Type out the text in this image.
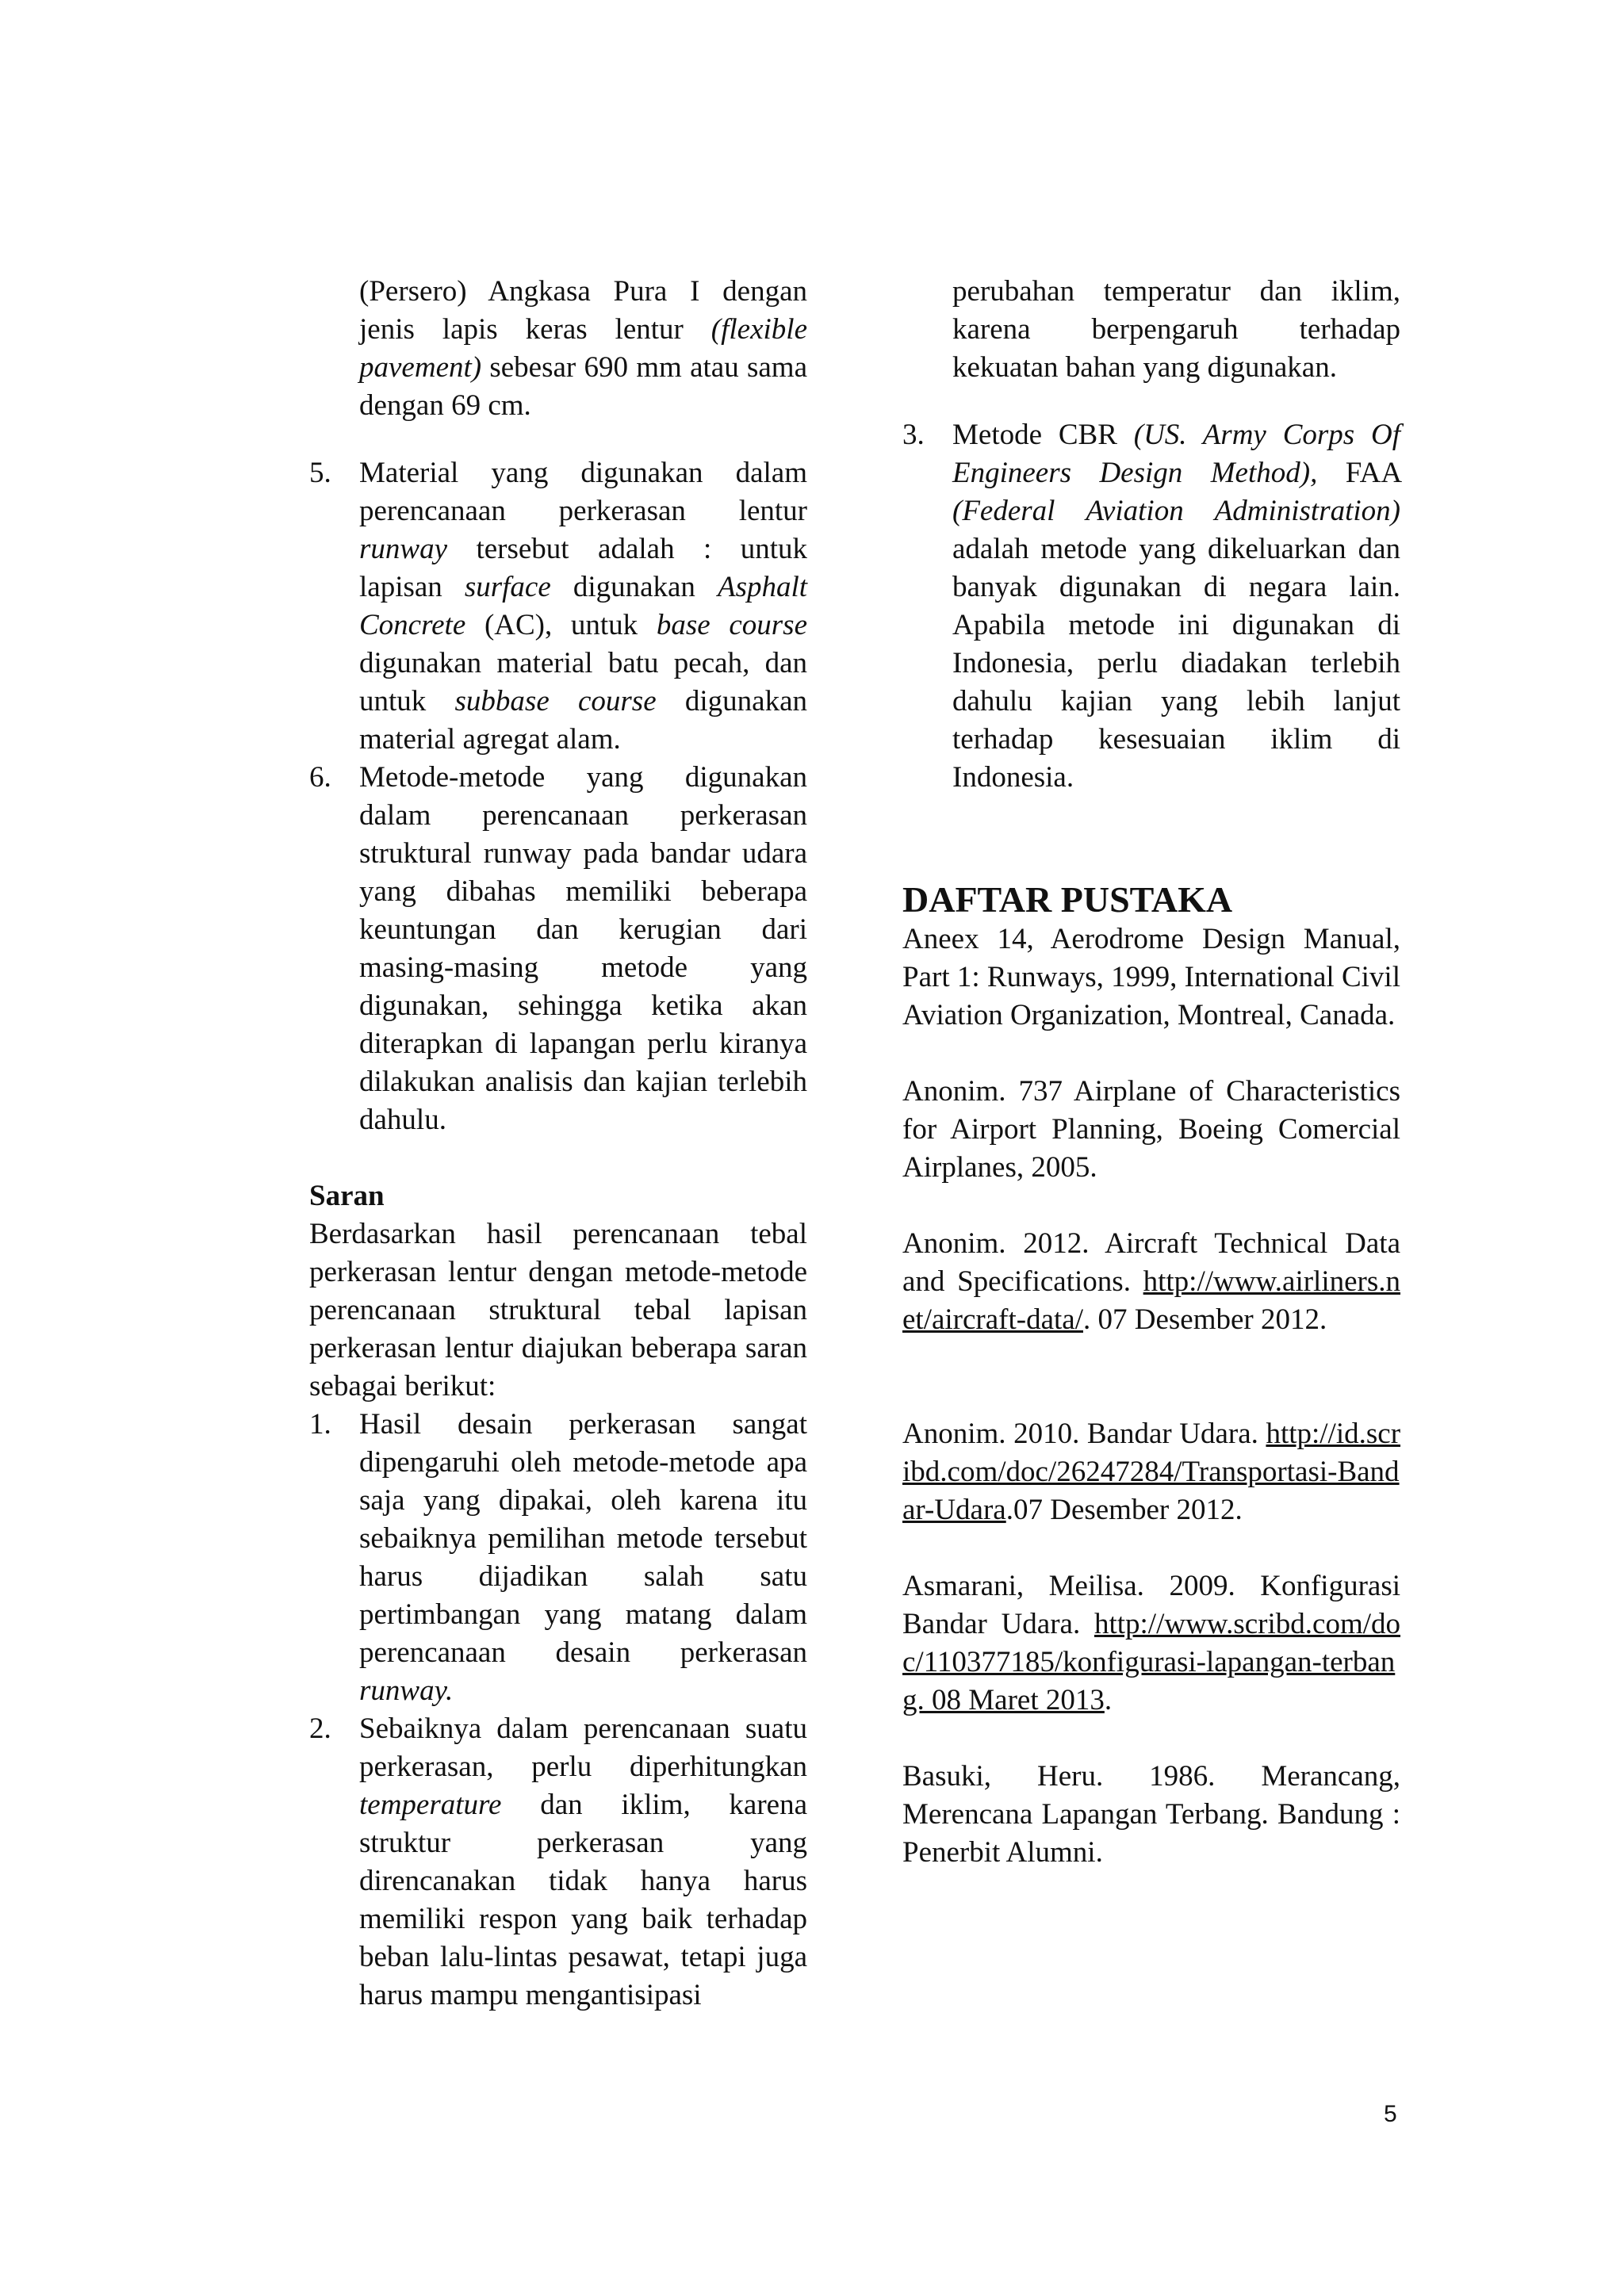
(Persero) Angkasa Pura I dengan jenis lapis keras lentur (flexible pavement) sebesar 690 mm atau sama dengan 69 cm.

5. Material yang digunakan dalam perencanaan perkerasan lentur runway tersebut adalah : untuk lapisan surface digunakan Asphalt Concrete (AC), untuk base course digunakan material batu pecah, dan untuk subbase course digunakan material agregat alam.
6. Metode-metode yang digunakan dalam perencanaan perkerasan struktural runway pada bandar udara yang dibahas memiliki beberapa keuntungan dan kerugian dari masing-masing metode yang digunakan, sehingga ketika akan diterapkan di lapangan perlu kiranya dilakukan analisis dan kajian terlebih dahulu.

Saran

Berdasarkan hasil perencanaan tebal perkerasan lentur dengan metode-metode perencanaan struktural tebal lapisan perkerasan lentur diajukan beberapa saran sebagai berikut:

1. Hasil desain perkerasan sangat dipengaruhi oleh metode-metode apa saja yang dipakai, oleh karena itu sebaiknya pemilihan metode tersebut harus dijadikan salah satu pertimbangan yang matang dalam perencanaan desain perkerasan runway.
2. Sebaiknya dalam perencanaan suatu perkerasan, perlu diperhitungkan temperature dan iklim, karena struktur perkerasan yang direncanakan tidak hanya harus memiliki respon yang baik terhadap beban lalu-lintas pesawat, tetapi juga harus mampu mengantisipasi

perubahan temperatur dan iklim, karena berpengaruh terhadap kekuatan bahan yang digunakan.

3. Metode CBR (US. Army Corps Of Engineers Design Method), FAA (Federal Aviation Administration) adalah metode yang dikeluarkan dan banyak digunakan di negara lain. Apabila metode ini digunakan di Indonesia, perlu diadakan terlebih dahulu kajian yang lebih lanjut terhadap kesesuaian iklim di Indonesia.

DAFTAR PUSTAKA

Aneex 14, Aerodrome Design Manual, Part 1: Runways, 1999, International Civil Aviation Organization, Montreal, Canada.

Anonim. 737 Airplane of Characteristics for Airport Planning, Boeing Comercial Airplanes, 2005.

Anonim. 2012. Aircraft Technical Data and Specifications. http://www.airliners.net/aircraft-data/. 07 Desember 2012.

Anonim. 2010. Bandar Udara. http://id.scribd.com/doc/26247284/Transportasi-Bandar-Udara.07 Desember 2012.

Asmarani, Meilisa. 2009. Konfigurasi Bandar Udara. http://www.scribd.com/doc/110377185/konfigurasi-lapangan-terbang. 08 Maret 2013.

Basuki, Heru. 1986. Merancang, Merencana Lapangan Terbang. Bandung : Penerbit Alumni.

5
